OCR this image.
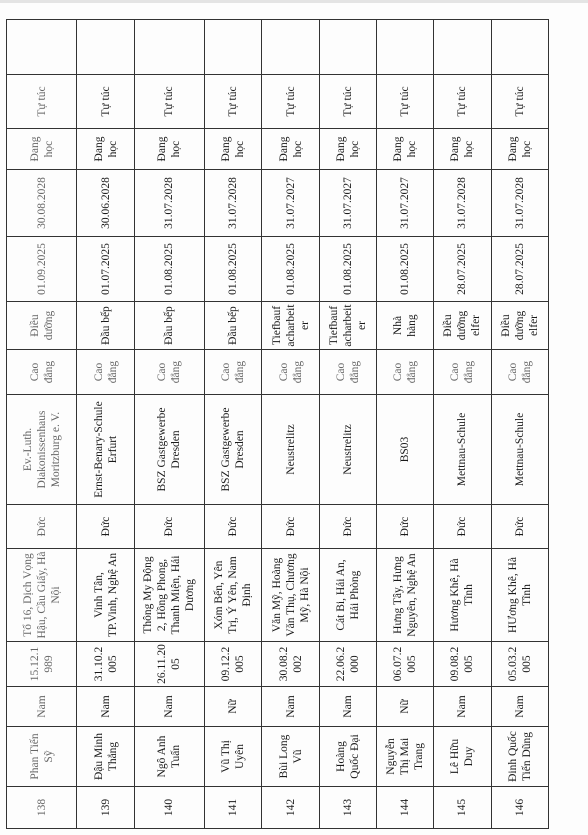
138	Phan Tiến Sỹ	Nam	15.12.1989	Tổ 16, Dịch Vọng Hậu, Cầu Giấy, Hà Nội	Đức	Ev.-Luth. Diakonissenhaus Moritzburg e. V.	Cao đẳng	Điều dưỡng	01.09.2025	30.08.2028	Đang học	Tự túc	
139	Đậu Minh Thắng	Nam	31.10.2005	Vinh Tân, TP.Vinh, Nghệ An	Đức	Ernst-Benary-Schule Erfurt	Cao đẳng	Đầu bếp	01.07.2025	30.06.2028	Đang học	Tự túc	
140	Ngô Anh Tuấn	Nam	26.11.2005	Thông My Động 2, Hồng Phong, Thanh Miện, Hải Dương	Đức	BSZ Gastgewerbe Dresden	Cao đẳng	Đầu bếp	01.08.2025	31.07.2028	Đang học	Tự túc	
141	Vũ Thị Uyên	Nữ	09.12.2005	Xóm Bến, Yên Trị, Ý Yên, Nam Định	Đức	BSZ Gastgewerbe Dresden	Cao đẳng	Đầu bếp	01.08.2025	31.07.2028	Đang học	Tự túc	
142	Bùi Long Vũ	Nam	30.08.2002	Văn Mỹ, Hoàng Văn Thụ, Chương Mỹ, Hà Nội	Đức	Neustrelitz	Cao đẳng	Tiefbaufacharbeiter	01.08.2025	31.07.2027	Đang học	Tự túc	
143	Hoàng Quốc Đại	Nam	22.06.2000	Cát Bi, Hải An, Hải Phòng	Đức	Neustrelitz	Cao đẳng	Tiefbaufacharbeiter	01.08.2025	31.07.2027	Đang học	Tự túc	
144	Nguyễn Thị Mai Trang	Nữ	06.07.2005	Hưng Tây, Hưng Nguyên, Nghệ An	Đức	BS03	Cao đẳng	Nhà hàng	01.08.2025	31.07.2027	Đang học	Tự túc	
145	Lê Hữu Duy	Nam	09.08.2005	Hương Khê, Hà Tĩnh	Đức	Mettnau-Schule	Cao đẳng	Điều dưỡng elfer	28.07.2025	31.07.2028	Đang học	Tự túc	
146	Đinh Quốc Tiến Dũng	Nam	05.03.2005	HƯơng Khê, Hà Tĩnh	Đức	Mettnau-Schule	Cao đẳng	Điều dưỡng elfer	28.07.2025	31.07.2028	Đang học	Tự túc	
